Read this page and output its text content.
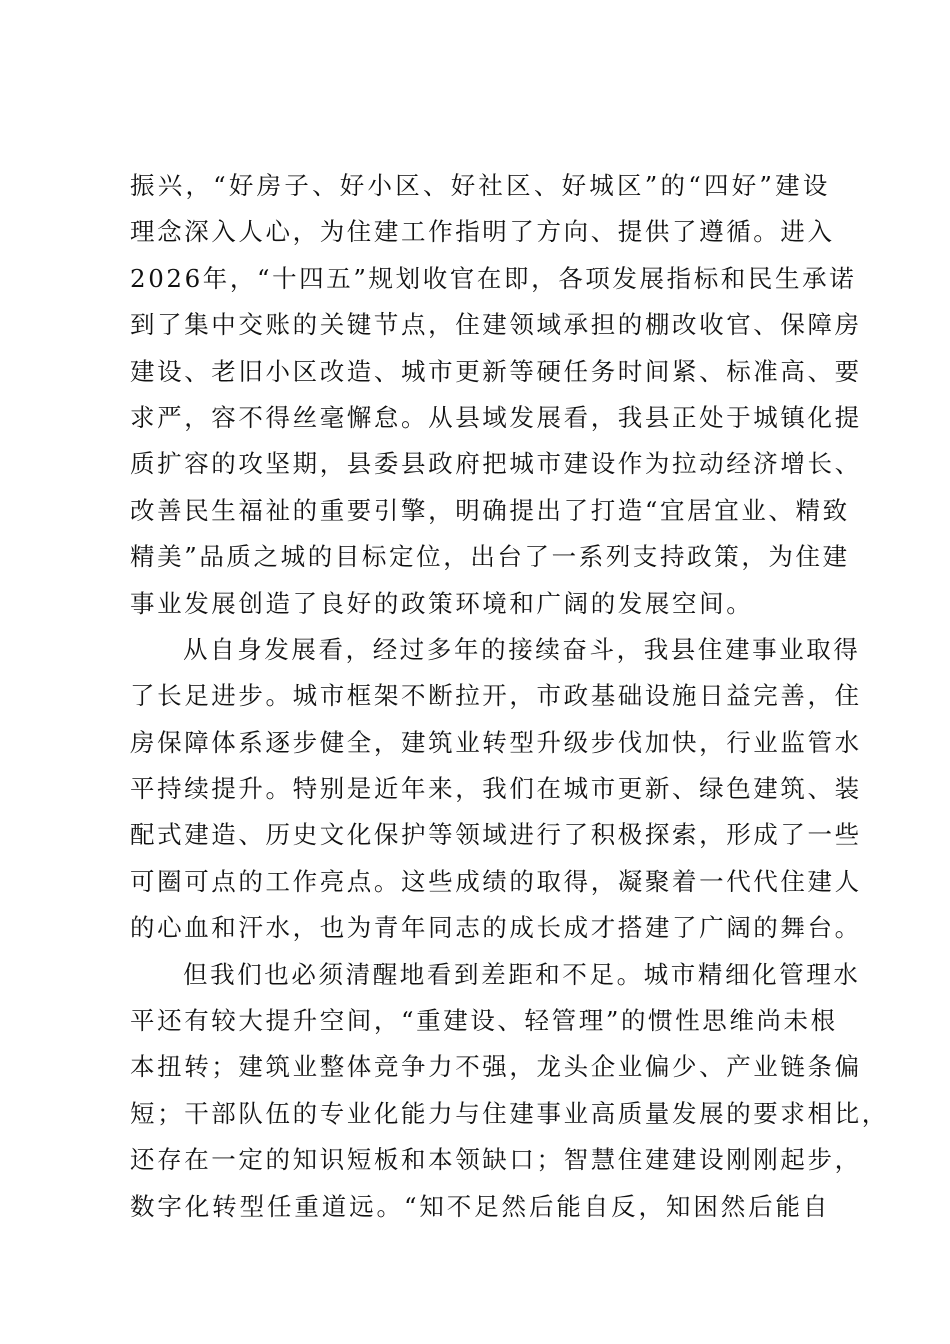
振兴，“好房子、好小区、好社区、好城区”的“四好”建设
理念深入人心，为住建工作指明了方向、提供了遵循。进入
2026年，“十四五”规划收官在即，各项发展指标和民生承诺
到了集中交账的关键节点，住建领域承担的棚改收官、保障房
建设、老旧小区改造、城市更新等硬任务时间紧、标准高、要
求严，容不得丝毫懈怠。从县域发展看，我县正处于城镇化提
质扩容的攻坚期，县委县政府把城市建设作为拉动经济增长、
改善民生福祉的重要引擎，明确提出了打造“宜居宜业、精致
精美”品质之城的目标定位，出台了一系列支持政策，为住建
事业发展创造了良好的政策环境和广阔的发展空间。
从自身发展看，经过多年的接续奋斗，我县住建事业取得
了长足进步。城市框架不断拉开，市政基础设施日益完善，住
房保障体系逐步健全，建筑业转型升级步伐加快，行业监管水
平持续提升。特别是近年来，我们在城市更新、绿色建筑、装
配式建造、历史文化保护等领域进行了积极探索，形成了一些
可圈可点的工作亮点。这些成绩的取得，凝聚着一代代住建人
的心血和汗水，也为青年同志的成长成才搭建了广阔的舞台。
但我们也必须清醒地看到差距和不足。城市精细化管理水
平还有较大提升空间，“重建设、轻管理”的惯性思维尚未根
本扭转；建筑业整体竞争力不强，龙头企业偏少、产业链条偏
短；干部队伍的专业化能力与住建事业高质量发展的要求相比，
还存在一定的知识短板和本领缺口；智慧住建建设刚刚起步，
数字化转型任重道远。“知不足然后能自反，知困然后能自
